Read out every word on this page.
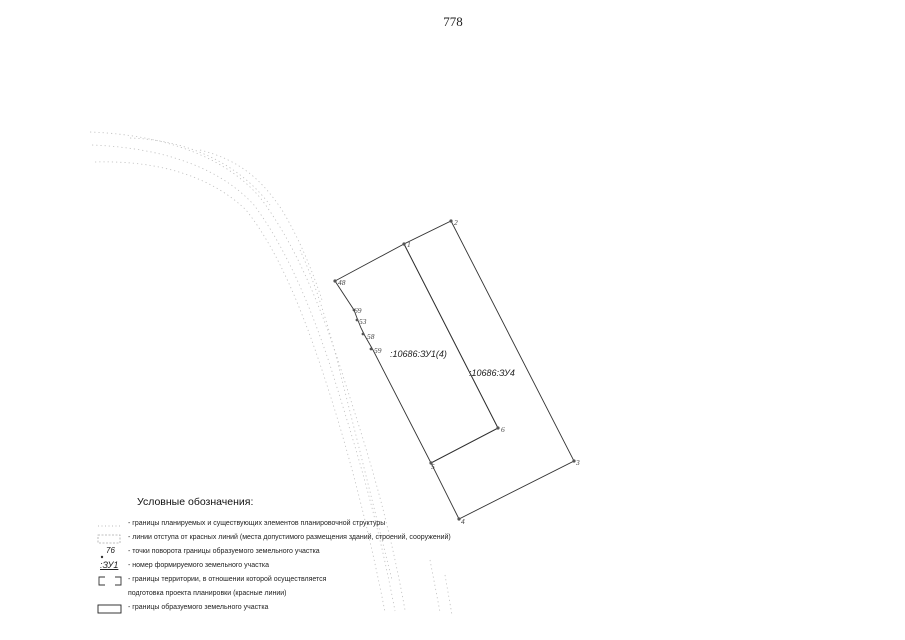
778
2
1
48
69
53
58
59
6
5	3
4
:10686:ЗУ1(4)
:10686:ЗУ4
Условные обозначения:
- границы планируемых и существующих элементов планировочной структуры
- линии отступа от красных линий (места допустимого размещения зданий, строений, сооружений)
76 - точки поворота границы образуемого земельного участка
:ЗУ1 - номер формируемого земельного участка
- границы территории, в отношении которой осуществляется
подготовка проекта планировки (красные линии)
- границы образуемого земельного участка
